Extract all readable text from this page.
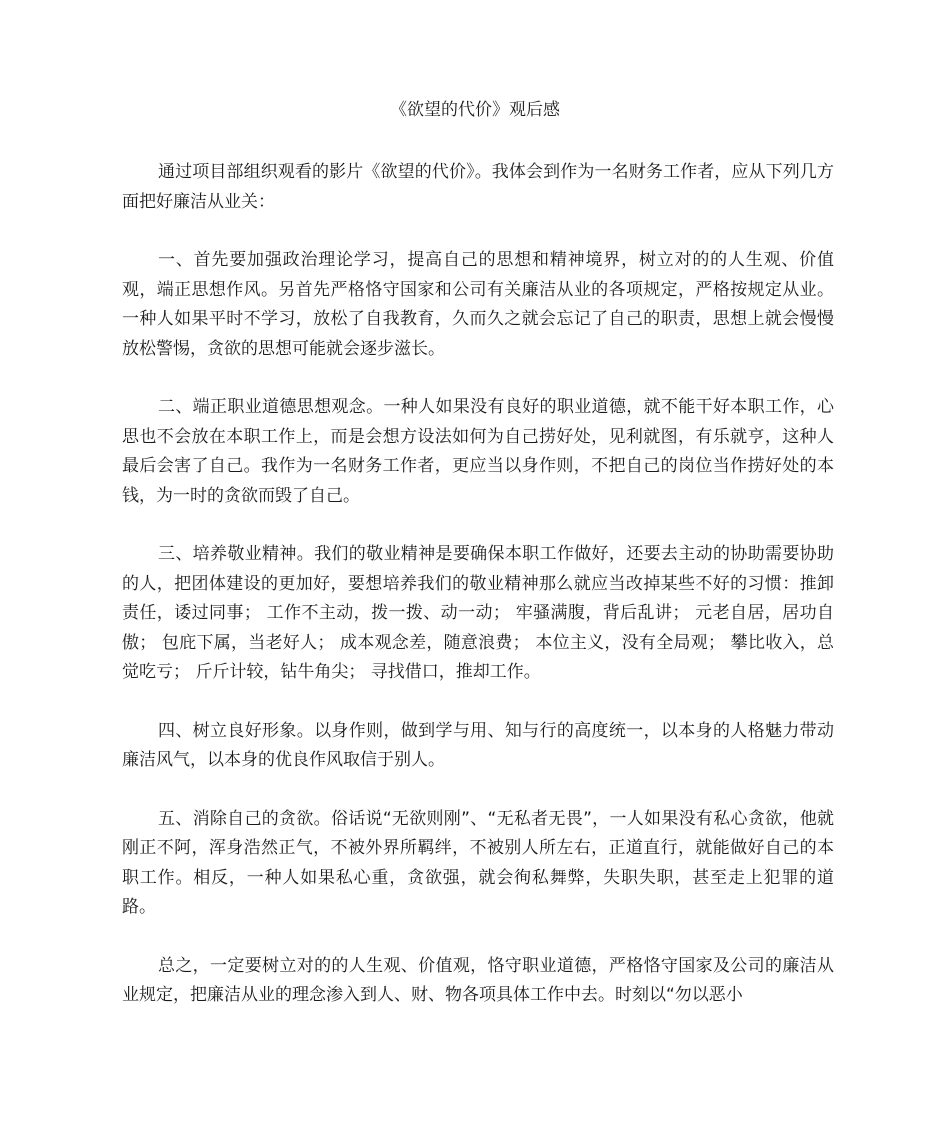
《欲望的代价》观后感

通过项目部组织观看的影片《欲望的代价》。我体会到作为一名财务工作者，应从下列几方面把好廉洁从业关：

一、首先要加强政治理论学习，提高自己的思想和精神境界，树立对的的人生观、价值观，端正思想作风。另首先严格恪守国家和公司有关廉洁从业的各项规定，严格按规定从业。一种人如果平时不学习，放松了自我教育，久而久之就会忘记了自己的职责，思想上就会慢慢放松警惕，贪欲的思想可能就会逐步滋长。

二、端正职业道德思想观念。一种人如果没有良好的职业道德，就不能干好本职工作，心思也不会放在本职工作上，而是会想方设法如何为自己捞好处，见利就图，有乐就亨，这种人最后会害了自己。我作为一名财务工作者，更应当以身作则，不把自己的岗位当作捞好处的本钱，为一时的贪欲而毁了自己。

三、培养敬业精神。我们的敬业精神是要确保本职工作做好，还要去主动的协助需要协助的人，把团体建设的更加好，要想培养我们的敬业精神那么就应当改掉某些不好的习惯：推卸责任，诿过同事； 工作不主动，拨一拨、动一动； 牢骚满腹，背后乱讲； 元老自居，居功自傲； 包庇下属，当老好人； 成本观念差，随意浪费； 本位主义，没有全局观； 攀比收入，总觉吃亏； 斤斤计较，钻牛角尖； 寻找借口，推却工作。

四、树立良好形象。以身作则，做到学与用、知与行的高度统一，以本身的人格魅力带动廉洁风气，以本身的优良作风取信于别人。

五、消除自己的贪欲。俗话说“无欲则刚”、“无私者无畏”，一人如果没有私心贪欲，他就刚正不阿，浑身浩然正气，不被外界所羁绊，不被别人所左右，正道直行，就能做好自己的本职工作。相反，一种人如果私心重，贪欲强，就会徇私舞弊，失职失职，甚至走上犯罪的道路。

总之，一定要树立对的的人生观、价值观，恪守职业道德，严格恪守国家及公司的廉洁从业规定，把廉洁从业的理念渗入到人、财、物各项具体工作中去。时刻以“勿以恶小
